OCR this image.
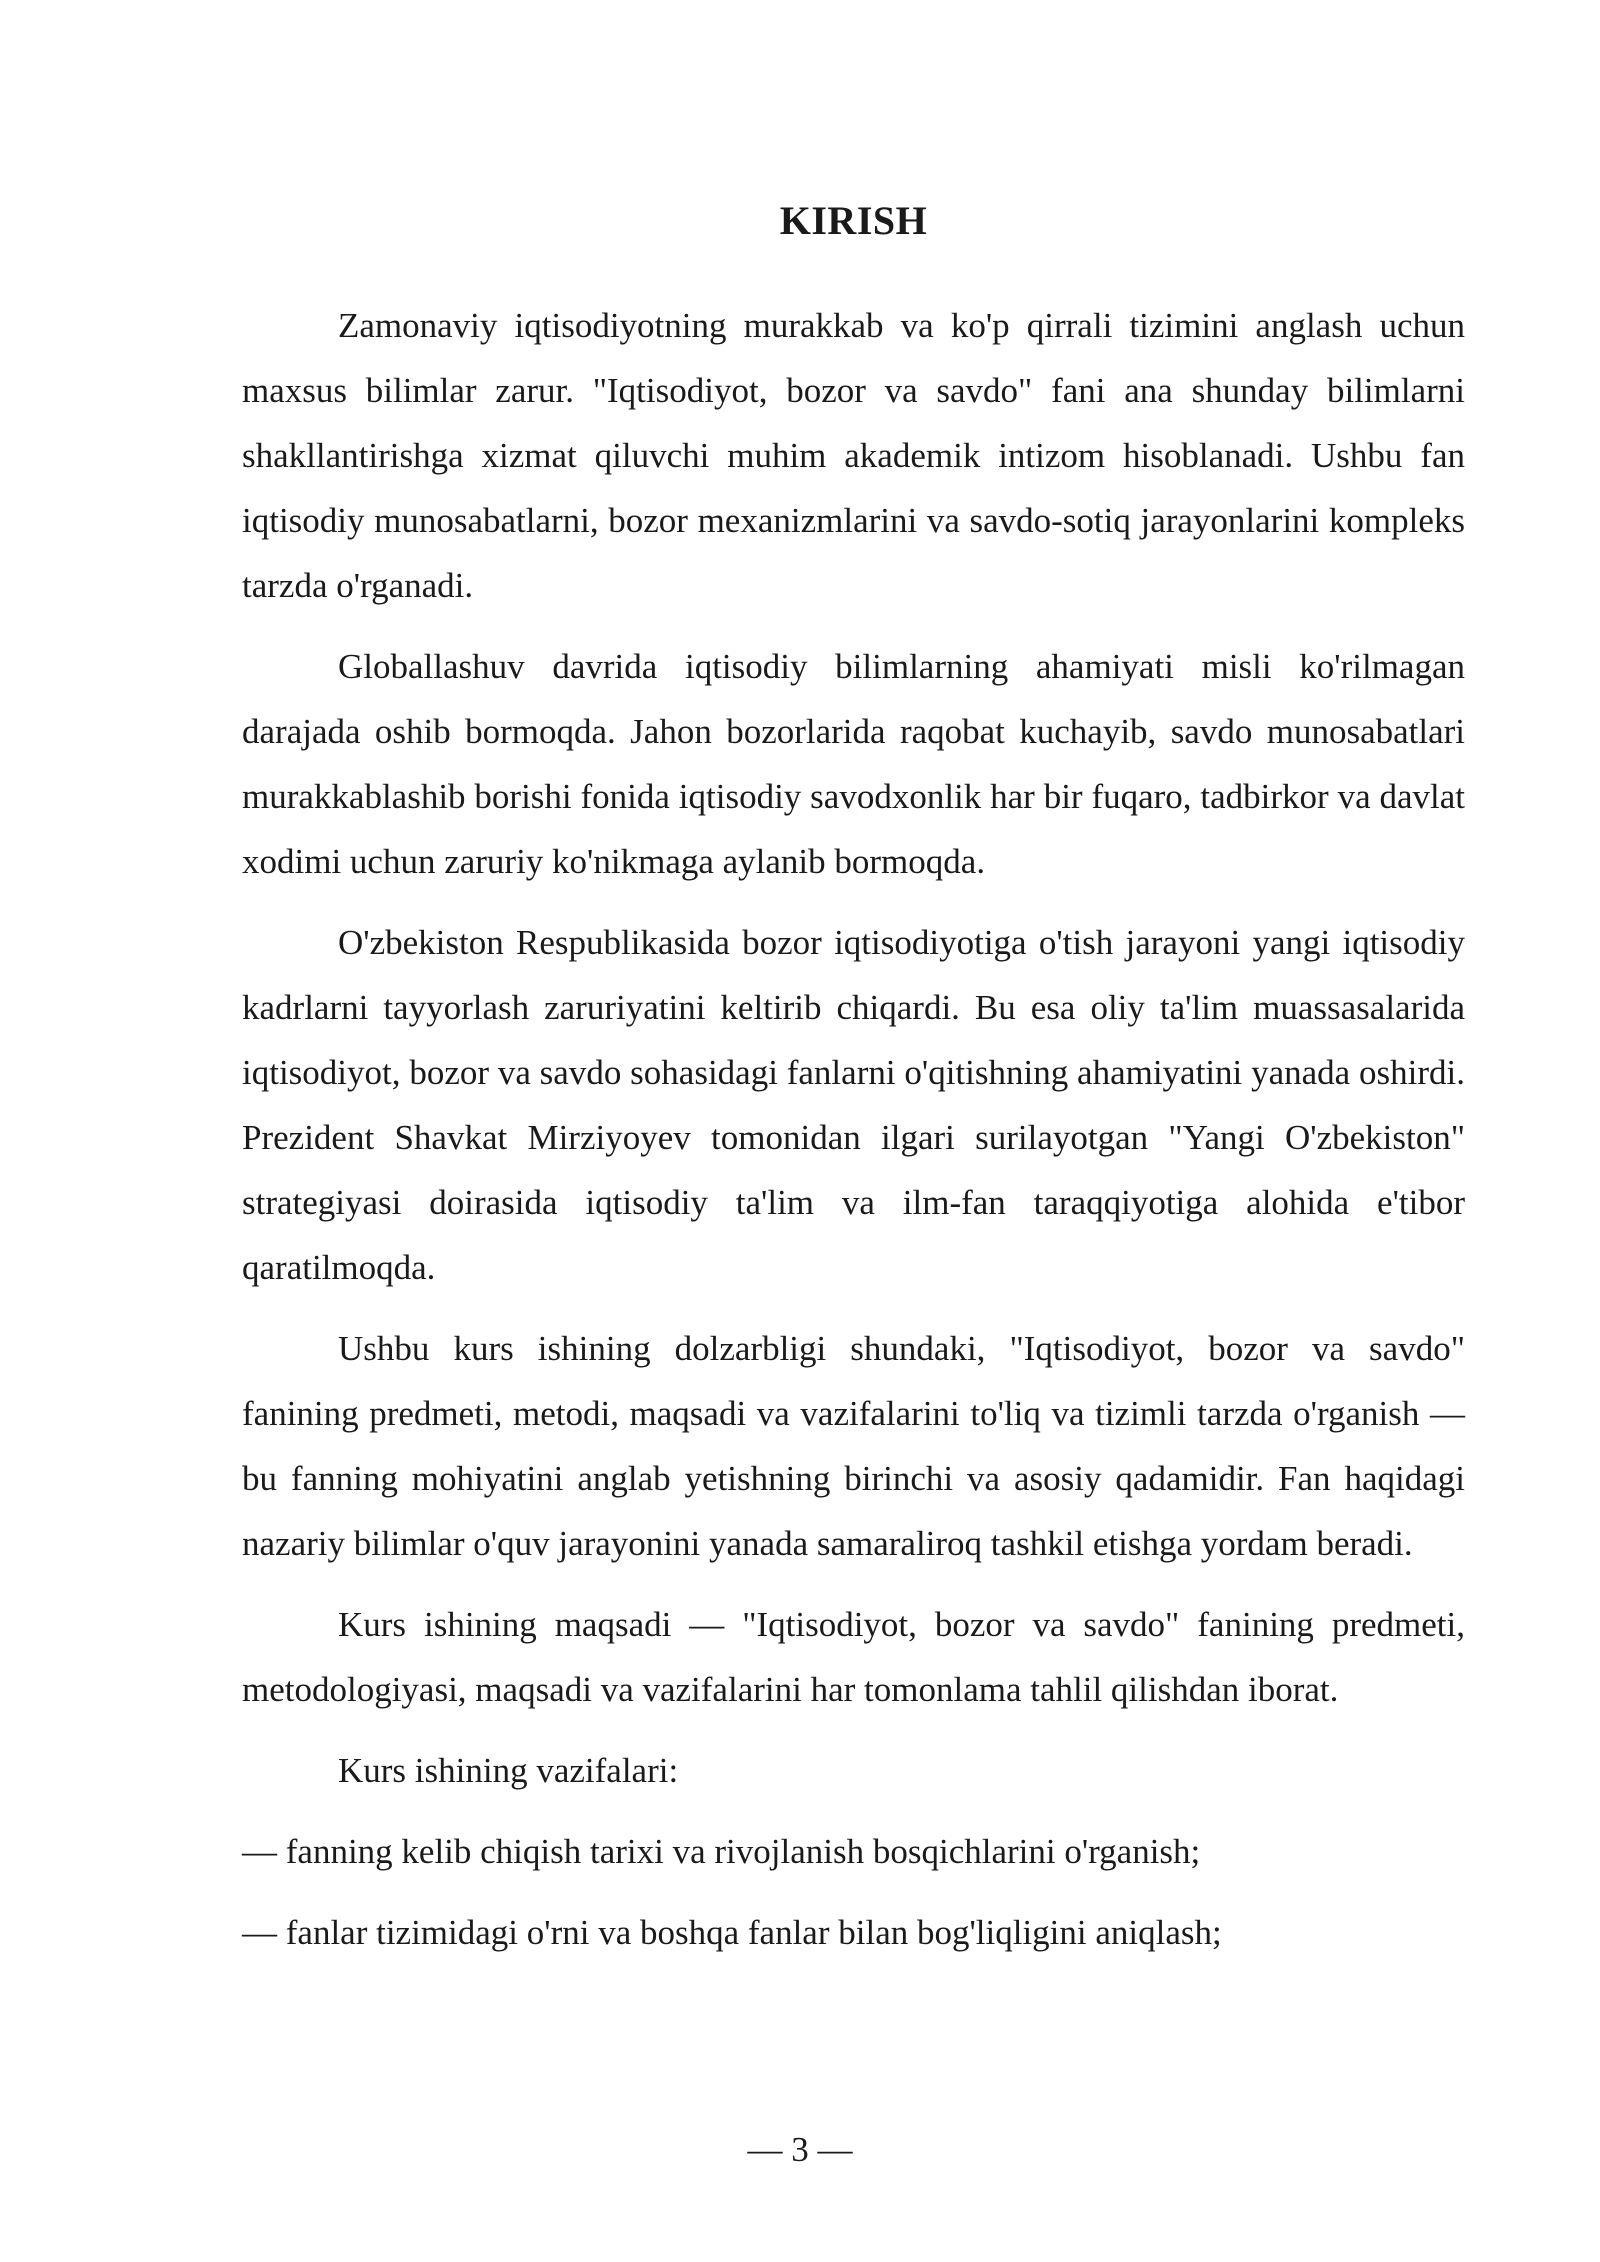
KIRISH

Zamonaviy iqtisodiyotning murakkab va ko'p qirrali tizimini anglash uchun maxsus bilimlar zarur. "Iqtisodiyot, bozor va savdo" fani ana shunday bilimlarni shakllantirishga xizmat qiluvchi muhim akademik intizom hisoblanadi. Ushbu fan iqtisodiy munosabatlarni, bozor mexanizmlarini va savdo-sotiq jarayonlarini kompleks tarzda o'rganadi.

Globallashuv davrida iqtisodiy bilimlarning ahamiyati misli ko'rilmagan darajada oshib bormoqda. Jahon bozorlarida raqobat kuchayib, savdo munosabatlari murakkablashib borishi fonida iqtisodiy savodxonlik har bir fuqaro, tadbirkor va davlat xodimi uchun zaruriy ko'nikmaga aylanib bormoqda.

O'zbekiston Respublikasida bozor iqtisodiyotiga o'tish jarayoni yangi iqtisodiy kadrlarni tayyorlash zaruriyatini keltirib chiqardi. Bu esa oliy ta'lim muassasalarida iqtisodiyot, bozor va savdo sohasidagi fanlarni o'qitishning ahamiyatini yanada oshirdi. Prezident Shavkat Mirziyoyev tomonidan ilgari surilayotgan "Yangi O'zbekiston" strategiyasi doirasida iqtisodiy ta'lim va ilm-fan taraqqiyotiga alohida e'tibor qaratilmoqda.

Ushbu kurs ishining dolzarbligi shundaki, "Iqtisodiyot, bozor va savdo" fanining predmeti, metodi, maqsadi va vazifalarini to'liq va tizimli tarzda o'rganish — bu fanning mohiyatini anglab yetishning birinchi va asosiy qadamidir. Fan haqidagi nazariy bilimlar o'quv jarayonini yanada samaraliroq tashkil etishga yordam beradi.

Kurs ishining maqsadi — "Iqtisodiyot, bozor va savdo" fanining predmeti, metodologiyasi, maqsadi va vazifalarini har tomonlama tahlil qilishdan iborat.

Kurs ishining vazifalari:

— fanning kelib chiqish tarixi va rivojlanish bosqichlarini o'rganish;

— fanlar tizimidagi o'rni va boshqa fanlar bilan bog'liqligini aniqlash;

— 3 —
